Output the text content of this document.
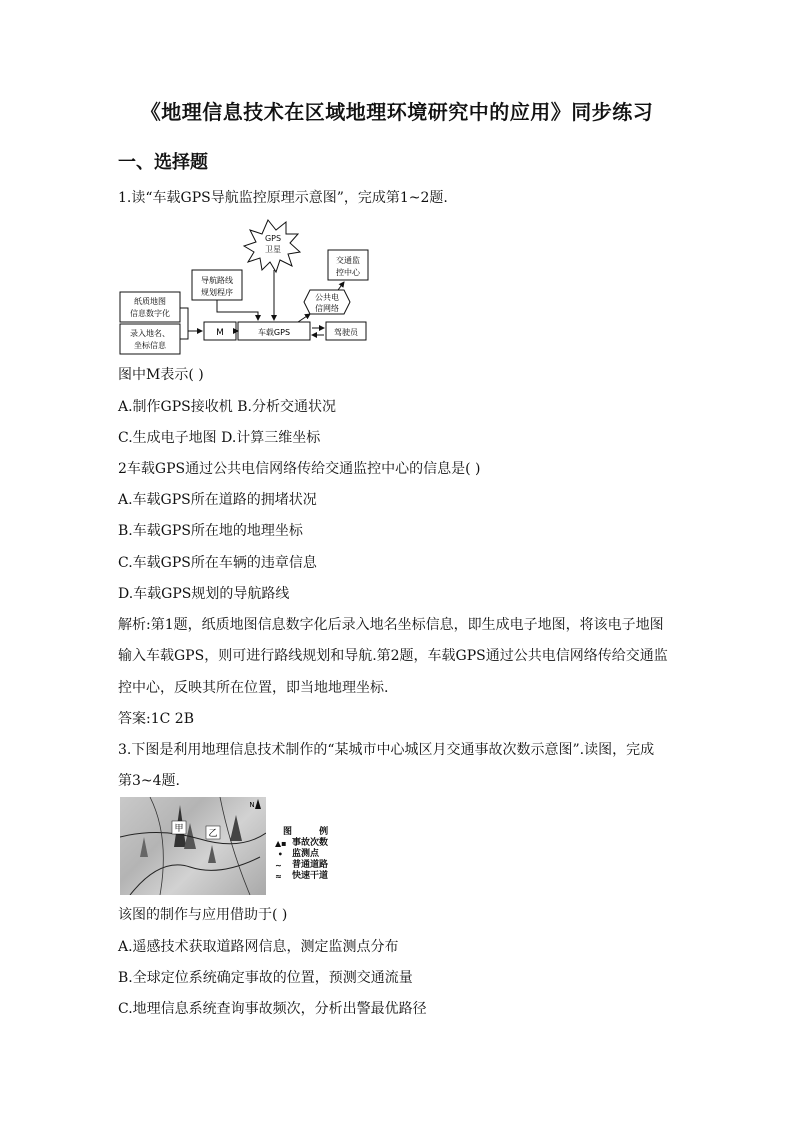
《地理信息技术在区域地理环境研究中的应用》同步练习
一、选择题
1.读“车载GPS导航监控原理示意图”，完成第1~2题.
GPS
卫星
导航路线
规划程序
交通监
控中心
纸质地图
信息数字化
录入地名、
坐标信息
M	车载GPS
公共电
信网络
驾驶员
图中M表示( )
A.制作GPS接收机 B.分析交通状况
C.生成电子地图 D.计算三维坐标
2车载GPS通过公共电信网络传给交通监控中心的信息是( )
A.车载GPS所在道路的拥堵状况
B.车载GPS所在地的地理坐标
C.车载GPS所在车辆的违章信息
D.车载GPS规划的导航路线
解析:第1题，纸质地图信息数字化后录入地名坐标信息，即生成电子地图，将该电子地图
输入车载GPS，则可进行路线规划和导航.第2题，车载GPS通过公共电信网络传给交通监
控中心，反映其所在位置，即当地地理坐标.
答案:1C 2B
3.下图是利用地理信息技术制作的“某城市中心城区月交通事故次数示意图”.读图，完成
第3~4题.
甲	乙
N
图 例
▲▪ 事故次数
•	监测点
∼	普通道路
≈	快速干道
该图的制作与应用借助于( )
A.遥感技术获取道路网信息，测定监测点分布
B.全球定位系统确定事故的位置，预测交通流量
C.地理信息系统查询事故频次，分析出警最优路径
